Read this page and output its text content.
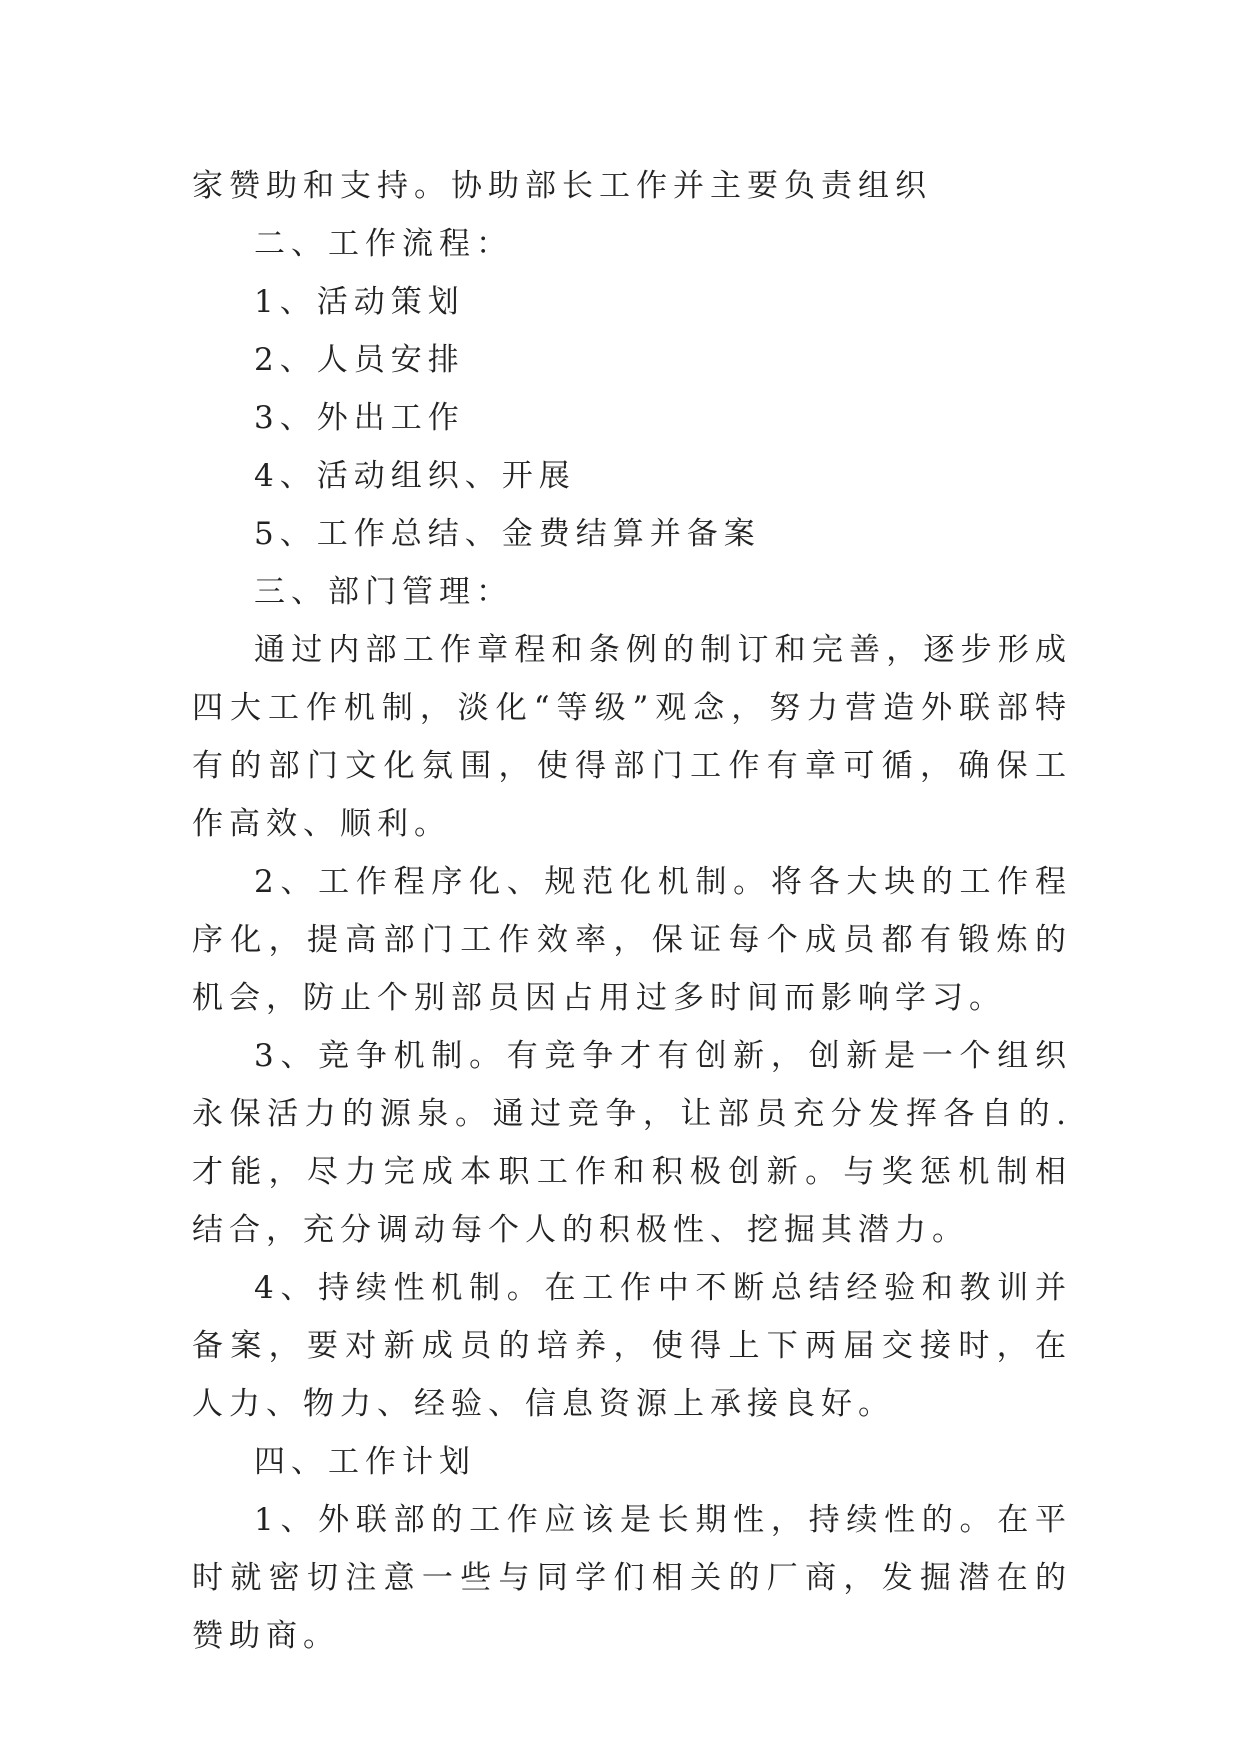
家赞助和支持。协助部长工作并主要负责组织

二、工作流程：

1、活动策划

2、人员安排

3、外出工作

4、活动组织、开展

5、工作总结、金费结算并备案

三、部门管理：

通过内部工作章程和条例的制订和完善，逐步形成四大工作机制，淡化“等级”观念，努力营造外联部特有的部门文化氛围，使得部门工作有章可循，确保工作高效、顺利。

2、工作程序化、规范化机制。将各大块的工作程序化，提高部门工作效率，保证每个成员都有锻炼的机会，防止个别部员因占用过多时间而影响学习。

3、竞争机制。有竞争才有创新，创新是一个组织永保活力的源泉。通过竞争，让部员充分发挥各自的.才能，尽力完成本职工作和积极创新。与奖惩机制相结合，充分调动每个人的积极性、挖掘其潜力。

4、持续性机制。在工作中不断总结经验和教训并备案，要对新成员的培养，使得上下两届交接时，在人力、物力、经验、信息资源上承接良好。

四、工作计划

1、外联部的工作应该是长期性，持续性的。在平时就密切注意一些与同学们相关的厂商，发掘潜在的赞助商。
